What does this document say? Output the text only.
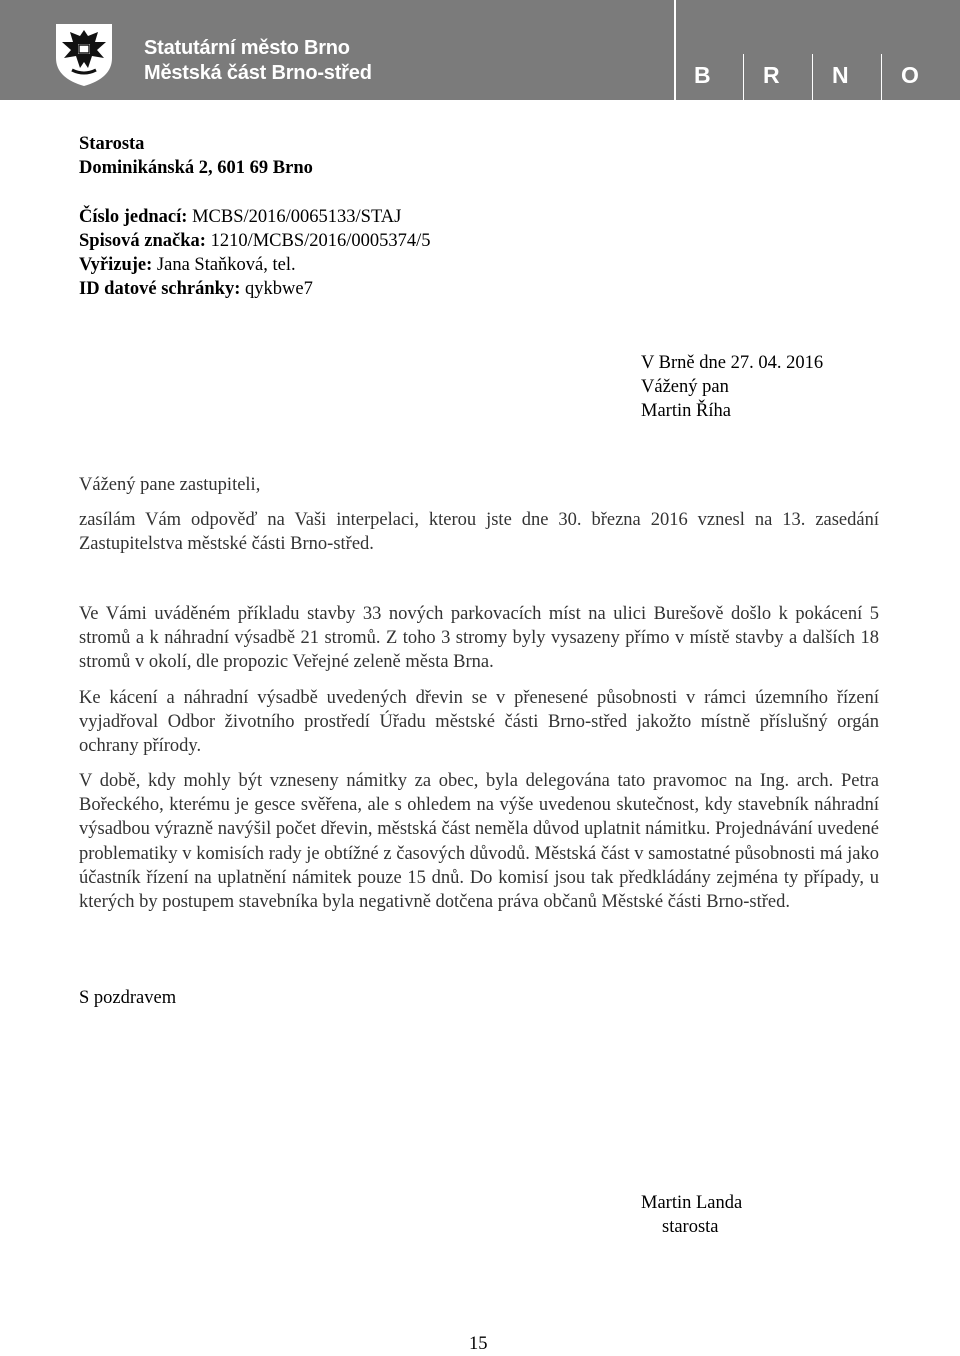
Statutární město Brno
Městská část Brno-střed	B R N O
Starosta
Dominikánská 2, 601 69 Brno
Číslo jednací: MCBS/2016/0065133/STAJ
Spisová značka: 1210/MCBS/2016/0005374/5
Vyřizuje: Jana Staňková, tel.
ID datové schránky: qykbwe7
V Brně dne 27. 04. 2016
Vážený pan
Martin Říha
Vážený pane zastupiteli,
zasílám Vám odpověď na Vaši interpelaci, kterou jste dne 30. března 2016 vznesl na 13. zasedání Zastupitelstva městské části Brno-střed.
Ve Vámi uváděném příkladu stavby 33 nových parkovacích míst na ulici Burešově došlo k pokácení 5 stromů a k náhradní výsadbě 21 stromů. Z toho 3 stromy byly vysazeny přímo v místě stavby a dalších 18 stromů v okolí, dle propozic Veřejné zeleně města Brna.
Ke kácení a náhradní výsadbě uvedených dřevin se v přenesené působnosti v rámci územního řízení vyjadřoval Odbor životního prostředí Úřadu městské části Brno-střed jakožto místně příslušný orgán ochrany přírody.
V době, kdy mohly být vzneseny námitky za obec, byla delegována tato pravomoc na Ing. arch. Petra Bořeckého, kterému je gesce svěřena, ale s ohledem na výše uvedenou skutečnost, kdy stavebník náhradní výsadbou výrazně navýšil počet dřevin, městská část neměla důvod uplatnit námitku. Projednávání uvedené problematiky v komisích rady je obtížné z časových důvodů. Městská část v samostatné působnosti má jako účastník řízení na uplatnění námitek pouze 15 dnů. Do komisí jsou tak předkládány zejména ty případy, u kterých by postupem stavebníka byla negativně dotčena práva občanů Městské části Brno-střed.
S pozdravem
Martin Landa
starosta
15
